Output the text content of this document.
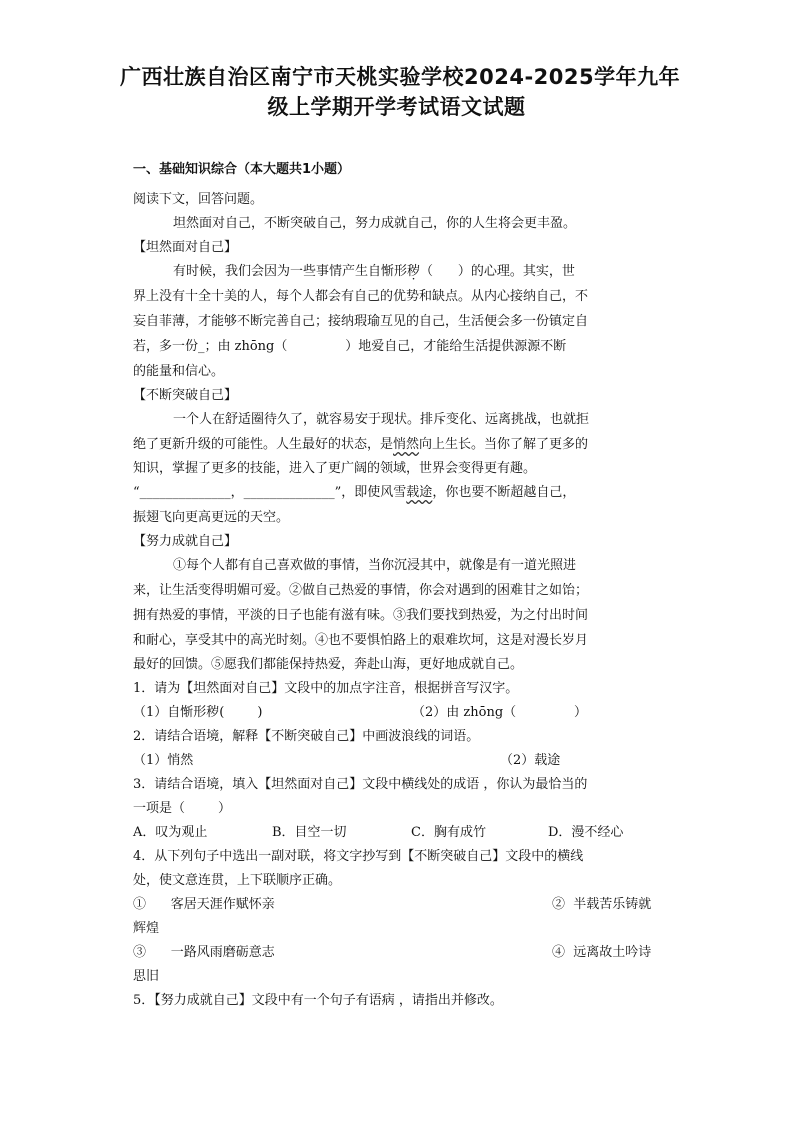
广西壮族自治区南宁市天桃实验学校2024-2025学年九年
级上学期开学考试语文试题
一、基础知识综合（本大题共1小题）
阅读下文，回答问题。
坦然面对自己，不断突破自己，努力成就自己，你的人生将会更丰盈。
【坦然面对自己】
有时候，我们会因为一些事情产生自惭形秽（      ）的心理。其实，世
界上没有十全十美的人，每个人都会有自己的优势和缺点。从内心接纳自己，不
妄自菲薄，才能够不断完善自己；接纳瑕瑜互见的自己，生活便会多一份镇定自
若，多一份_；由 zhōng（              ）地爱自己，才能给生活提供源源不断
的能量和信心。
【不断突破自己】
一个人在舒适圈待久了，就容易安于现状。排斥变化、远离挑战，也就拒
绝了更新升级的可能性。人生最好的状态，是悄然向上生长。当你了解了更多的
知识，掌握了更多的技能，进入了更广阔的领域，世界会变得更有趣。
“______________，______________”，即使风雪载途，你也要不断超越自己，
振翅飞向更高更远的天空。
【努力成就自己】
①每个人都有自己喜欢做的事情，当你沉浸其中，就像是有一道光照进
来，让生活变得明媚可爱。②做自己热爱的事情，你会对遇到的困难甘之如饴；
拥有热爱的事情，平淡的日子也能有滋有味。③我们要找到热爱，为之付出时间
和耐心，享受其中的高光时刻。④也不要惧怕路上的艰难坎坷，这是对漫长岁月
最好的回馈。⑤愿我们都能保持热爱，奔赴山海，更好地成就自己。
1．请为【坦然面对自己】文段中的加点字注音，根据拼音写汉字。
（1）自惭形秽(        )	（2）由 zhōng（              ）
2．请结合语境，解释【不断突破自己】中画波浪线的词语。
（1）悄然	（2）载途
3．请结合语境，填入【坦然面对自己】文段中横线处的成语 ，你认为最恰当的
一项是（        ）
A．叹为观止	B．目空一切	C．胸有成竹	D．漫不经心
4．从下列句子中选出一副对联，将文字抄写到【不断突破自己】文段中的横线
处，使文意连贯，上下联顺序正确。
①      客居天涯作赋怀亲	②  半载苦乐铸就
辉煌
③      一路风雨磨砺意志	④  远离故土吟诗
思旧
5．【努力成就自己】文段中有一个句子有语病 ，请指出并修改。
